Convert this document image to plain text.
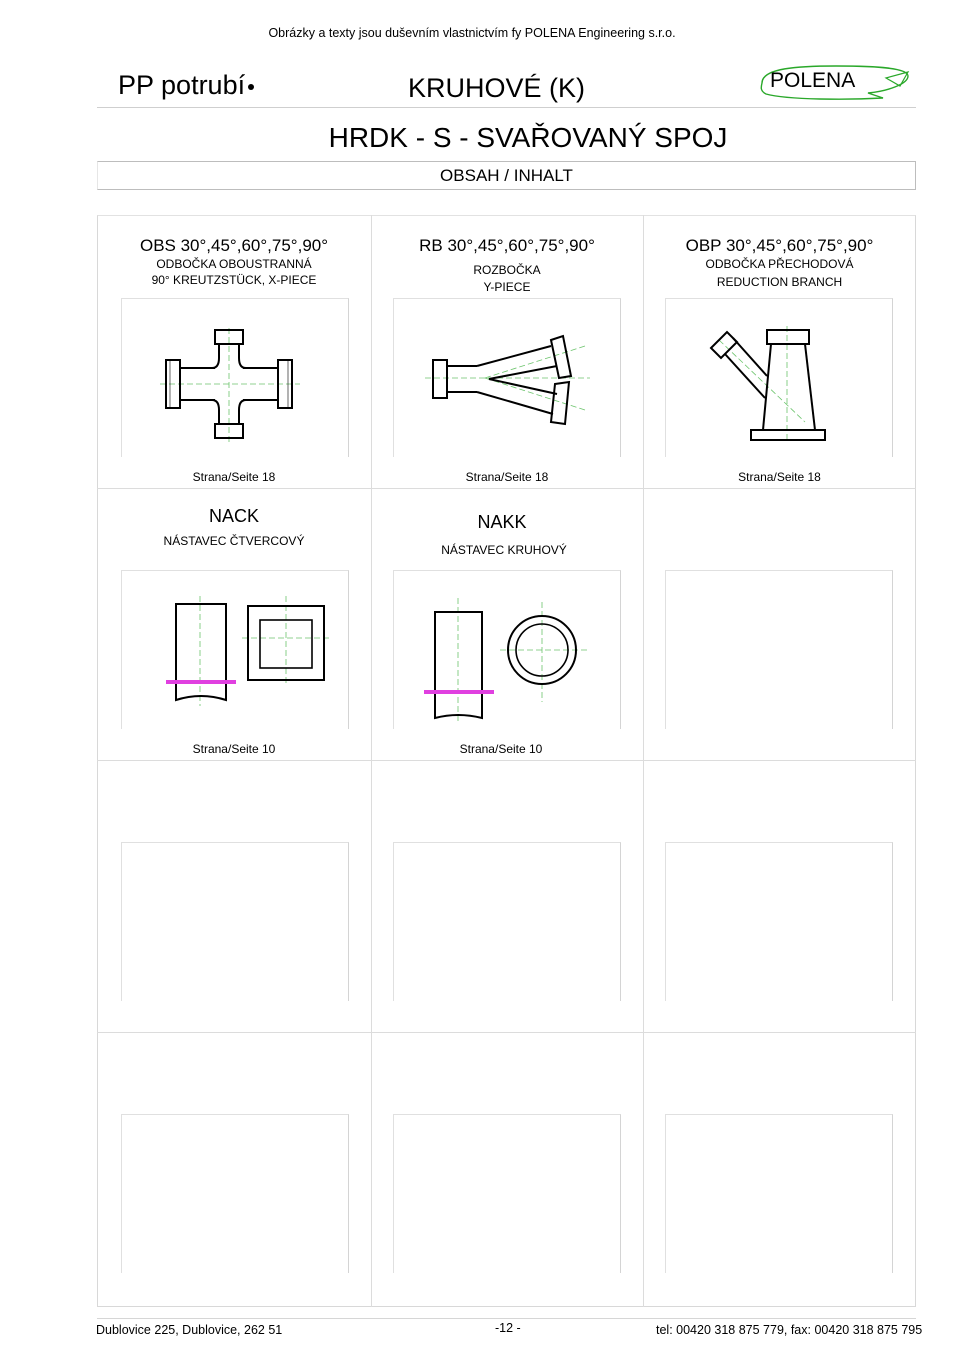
Obrázky a texty jsou duševním vlastnictvím fy POLENA Engineering s.r.o.
PP potrubí	KRUHOVÉ (K)	POLENA
HRDK - S - SVAŘOVANÝ SPOJ
OBSAH / INHALT
OBS 30°,45°,60°,75°,90°
ODBOČKA OBOUSTRANNÁ
90° KREUTZSTÜCK, X-PIECE
Strana/Seite 18
RB 30°,45°,60°,75°,90°
ROZBOČKA
Y-PIECE
Strana/Seite 18
OBP 30°,45°,60°,75°,90°
ODBOČKA PŘECHODOVÁ
REDUCTION BRANCH
Strana/Seite 18
NACK
NÁSTAVEC ČTVERCOVÝ
Strana/Seite 10
NAKK
NÁSTAVEC KRUHOVÝ
Strana/Seite 10
Dublovice 225, Dublovice, 262 51	-12 -	tel: 00420 318 875 779, fax: 00420 318 875 795
